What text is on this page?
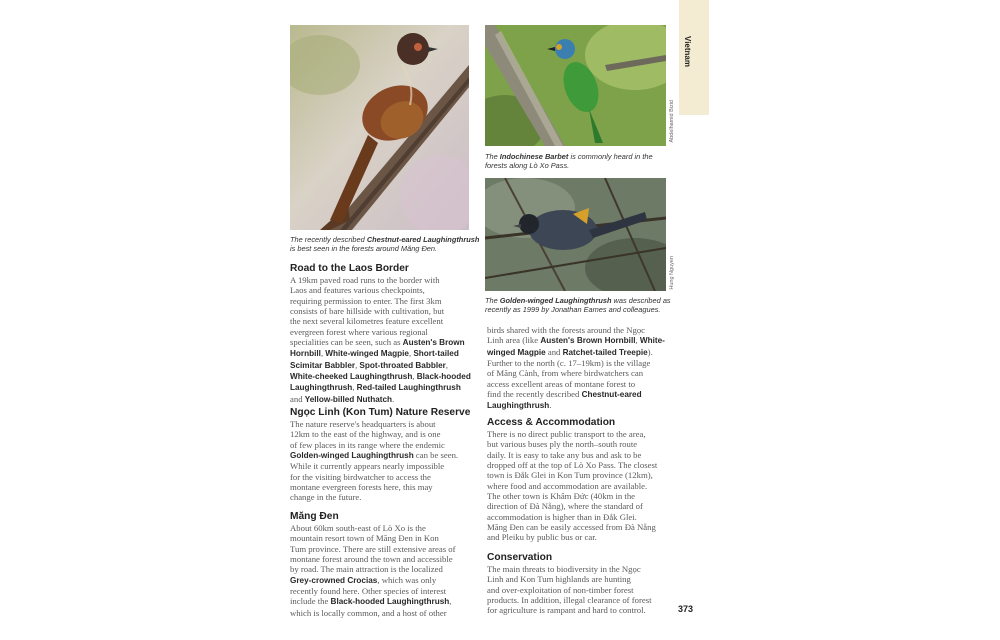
Vietnam
The recently described Chestnut-eared Laughingthrush
is best seen in the forests around Măng Đen.
Abdelhamid Bizid
The Indochinese Barbet is commonly heard in the
forests along Lò Xo Pass.
Hung Nguyen
The Golden-winged Laughingthrush was described as
recently as 1999 by Jonathan Eames and colleagues.
Road to the Laos Border

A 19km paved road runs to the border with

Laos and features various checkpoints,

requiring permission to enter. The first 3km

consists of bare hillside with cultivation, but

the next several kilometres feature excellent

evergreen forest where various regional

specialities can be seen, such as Austen's Brown

Hornbill, White-winged Magpie, Short-tailed

Scimitar Babbler, Spot-throated Babbler,

White-cheeked Laughingthrush, Black-hooded

Laughingthrush, Red-tailed Laughingthrush

and Yellow-billed Nuthatch.

Ngọc Linh (Kon Tum) Nature Reserve

The nature reserve's headquarters is about

12km to the east of the highway, and is one

of few places in its range where the endemic

Golden-winged Laughingthrush can be seen.

While it currently appears nearly impossible

for the visiting birdwatcher to access the

montane evergreen forests here, this may

change in the future.

Măng Đen

About 60km south-east of Lò Xo is the

mountain resort town of Măng Đen in Kon

Tum province. There are still extensive areas of

montane forest around the town and accessible

by road. The main attraction is the localized

Grey-crowned Crocias, which was only

recently found here. Other species of interest

include the Black-hooded Laughingthrush,

which is locally common, and a host of other

birds shared with the forests around the Ngọc

Linh area (like Austen's Brown Hornbill, White-

winged Magpie and Ratchet-tailed Treepie).

Further to the north (c. 17–19km) is the village

of Măng Cành, from where birdwatchers can

access excellent areas of montane forest to

find the recently described Chestnut-eared

Laughingthrush.

Access & Accommodation

There is no direct public transport to the area,

but various buses ply the north–south route

daily. It is easy to take any bus and ask to be

dropped off at the top of Lò Xo Pass. The closest

town is Đắk Glei in Kon Tum province (12km),

where food and accommodation are available.

The other town is Khâm Đức (40km in the

direction of Đà Nẵng), where the standard of

accommodation is higher than in Đắk Glei.

Măng Đen can be easily accessed from Đà Nẵng

and Pleiku by public bus or car.

Conservation

The main threats to biodiversity in the Ngọc

Linh and Kon Tum highlands are hunting

and over-exploitation of non-timber forest

products. In addition, illegal clearance of forest

for agriculture is rampant and hard to control.	373
